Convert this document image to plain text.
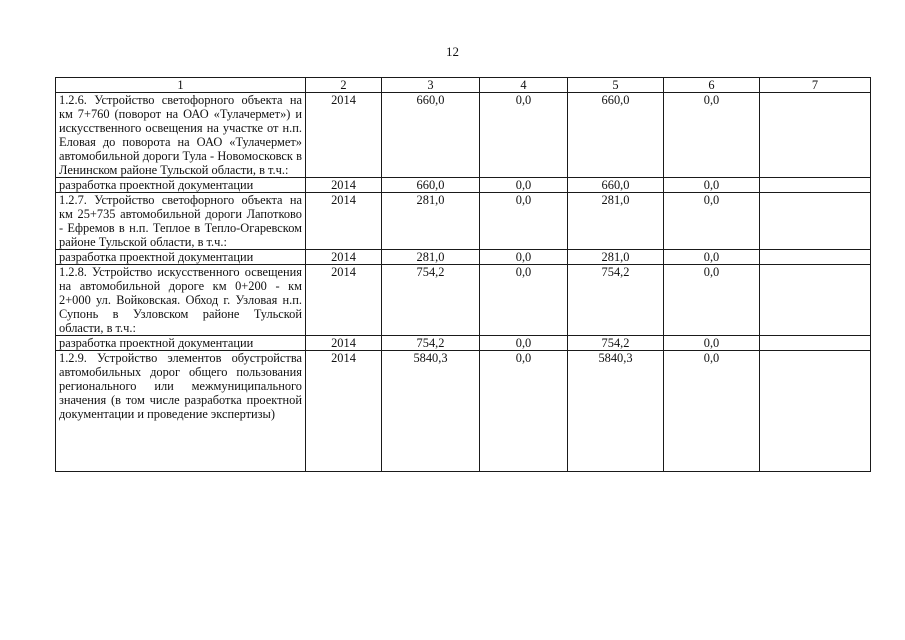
12
1	2	3	4	5	6	7
1.2.6. Устройство светофорного объекта на км 7+760 (поворот на ОАО «Тулачермет») и искусственного освещения на участке от н.п. Еловая до поворота на ОАО «Тулачермет» автомобильной дороги Тула - Новомосковск в Ленинском районе Тульской области, в т.ч.:	2014	660,0	0,0	660,0	0,0	
разработка проектной документации	2014	660,0	0,0	660,0	0,0	
1.2.7. Устройство светофорного объекта на км 25+735 автомобильной дороги Лапотково - Ефремов в н.п. Теплое в Тепло-Огаревском районе Тульской области, в т.ч.:	2014	281,0	0,0	281,0	0,0	
разработка проектной документации	2014	281,0	0,0	281,0	0,0	
1.2.8. Устройство искусственного освещения на автомобильной дороге км 0+200 - км 2+000 ул. Войковская. Обход г. Узловая н.п. Супонь в Узловском районе Тульской области, в т.ч.:	2014	754,2	0,0	754,2	0,0	
разработка проектной документации	2014	754,2	0,0	754,2	0,0	
1.2.9. Устройство элементов обустройства автомобильных дорог общего пользования регионального или межмуниципального значения (в том числе разработка проектной документации и проведение экспертизы)	2014	5840,3	0,0	5840,3	0,0	
